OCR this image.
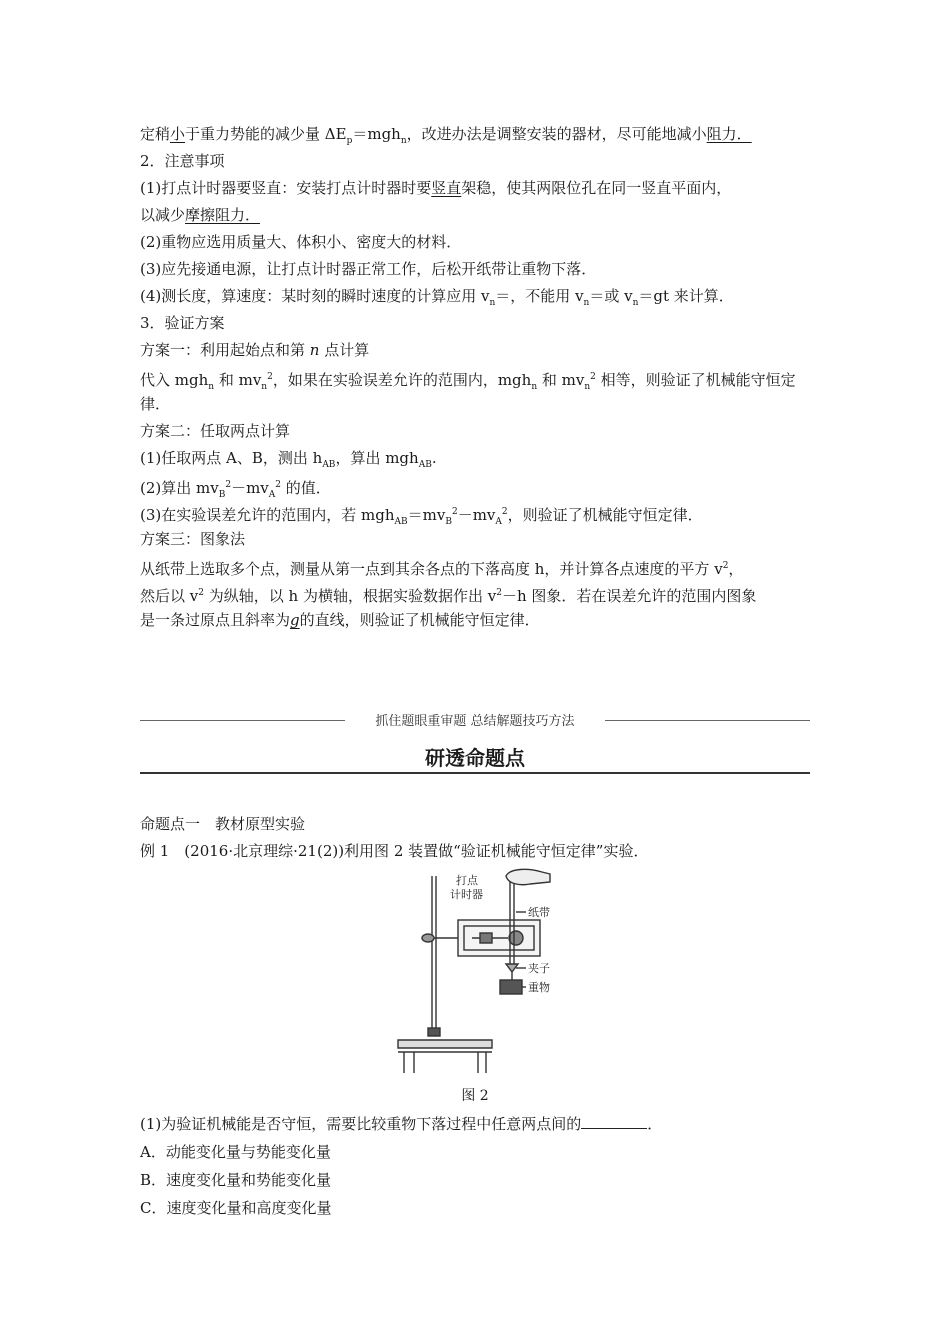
定稍小于重力势能的减少量 $\Delta E_p=mgh_n$，改进办法是调整安装的器材，尽可能地减小阻力．
2．注意事项
(1)打点计时器要竖直：安装打点计时器时要竖直架稳，使其两限位孔在同一竖直平面内，
以减少摩擦阻力．
(2)重物应选用质量大、体积小、密度大的材料．
(3)应先接通电源，让打点计时器正常工作，后松开纸带让重物下落．
(4)测长度，算速度：某时刻的瞬时速度的计算应用 $v_n=$，不能用 $v_n=$或 $v_n=gt$ 来计算．
3．验证方案
方案一：利用起始点和第 n 点计算
代入 mgh$_n$ 和 $mv_n^2$，如果在实验误差允许的范围内，mgh$_n$ 和 $mv_n^2$ 相等，则验证了机械能守恒定
律．
方案二：任取两点计算
(1)任取两点 A、B，测出 $h_{AB}$，算出 mgh$_{AB}$.
(2)算出 $mv_B^2-mv_A^2$ 的值．
(3)在实验误差允许的范围内，若 $mgh_{AB}=mv_B^2-mv_A^2$，则验证了机械能守恒定律．
方案三：图象法
从纸带上选取多个点，测量从第一点到其余各点的下落高度 h，并计算各点速度的平方 $v^2$，
然后以 $v^2$ 为纵轴，以 h 为横轴，根据实验数据作出 $v^2-h$ 图象．若在误差允许的范围内图象
是一条过原点且斜率为g的直线，则验证了机械能守恒定律．
抓住题眼重审题 总结解题技巧方法
研透命题点
命题点一　教材原型实验
例 1　(2016·北京理综·21(2))利用图 2 装置做“验证机械能守恒定律”实验．
打点
计时器
纸带
夹子
重物
图 2
(1)为验证机械能是否守恒，需要比较重物下落过程中任意两点间的	．
A．动能变化量与势能变化量
B．速度变化量和势能变化量
C．速度变化量和高度变化量
